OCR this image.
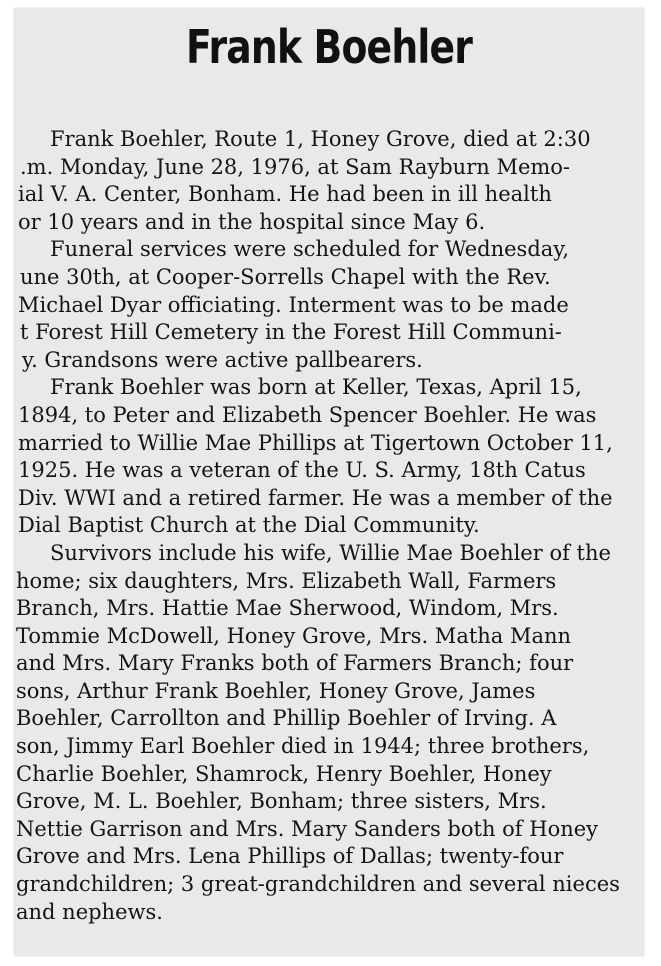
Frank Boehler
Frank Boehler, Route 1, Honey Grove, died at 2:30
.m. Monday, June 28, 1976, at Sam Rayburn Memo-
ial V. A. Center, Bonham. He had been in ill health
or 10 years and in the hospital since May 6.
Funeral services were scheduled for Wednesday,
une 30th, at Cooper-Sorrells Chapel with the Rev.
Michael Dyar officiating. Interment was to be made
t Forest Hill Cemetery in the Forest Hill Communi-
y. Grandsons were active pallbearers.
Frank Boehler was born at Keller, Texas, April 15,
1894, to Peter and Elizabeth Spencer Boehler. He was
married to Willie Mae Phillips at Tigertown October 11,
1925. He was a veteran of the U. S. Army, 18th Catus
Div. WWI and a retired farmer. He was a member of the
Dial Baptist Church at the Dial Community.
Survivors include his wife, Willie Mae Boehler of the
home; six daughters, Mrs. Elizabeth Wall, Farmers
Branch, Mrs. Hattie Mae Sherwood, Windom, Mrs.
Tommie McDowell, Honey Grove, Mrs. Matha Mann
and Mrs. Mary Franks both of Farmers Branch; four
sons, Arthur Frank Boehler, Honey Grove, James
Boehler, Carrollton and Phillip Boehler of Irving. A
son, Jimmy Earl Boehler died in 1944; three brothers,
Charlie Boehler, Shamrock, Henry Boehler, Honey
Grove, M. L. Boehler, Bonham; three sisters, Mrs.
Nettie Garrison and Mrs. Mary Sanders both of Honey
Grove and Mrs. Lena Phillips of Dallas; twenty-four
grandchildren; 3 great-grandchildren and several nieces
and nephews.
